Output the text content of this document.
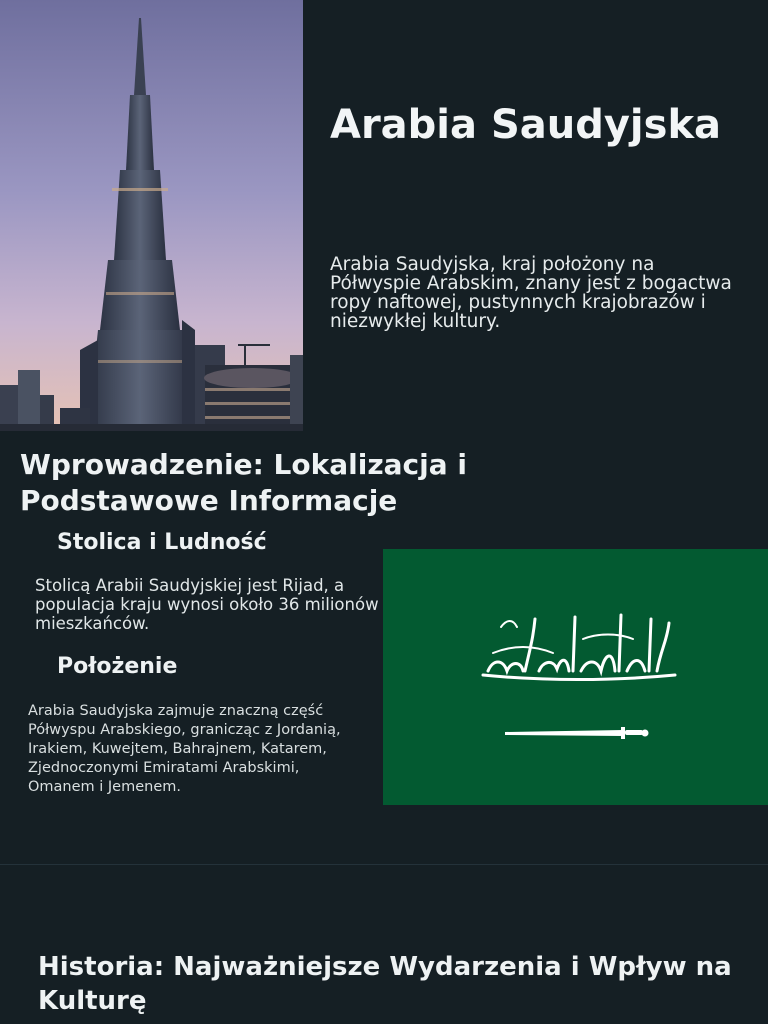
Arabia Saudyjska

Arabia Saudyjska, kraj położony na Półwyspie Arabskim, znany jest z bogactwa ropy naftowej, pustynnych krajobrazów i niezwykłej kultury.

Wprowadzenie: Lokalizacja i Podstawowe Informacje
Stolica i Ludność

Stolicą Arabii Saudyjskiej jest Rijad, a populacja kraju wynosi około 36 milionów mieszkańców.

Położenie

Arabia Saudyjska zajmuje znaczną część Półwyspu Arabskiego, granicząc z Jordanią, Irakiem, Kuwejtem, Bahrajnem, Katarem, Zjednoczonymi Emiratami Arabskimi, Omanem i Jemenem.

Historia: Najważniejsze Wydarzenia i Wpływ na Kulturę
